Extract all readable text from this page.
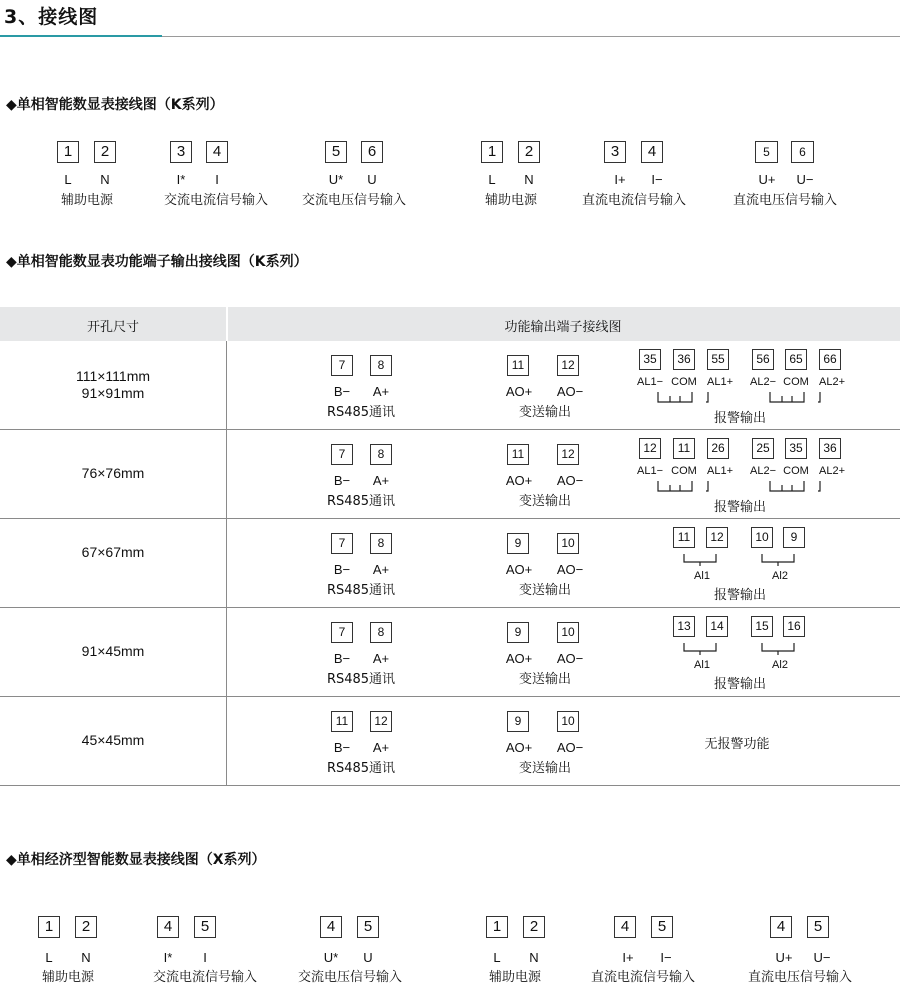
3、接线图
◆单相智能数显表接线图（K系列）
1	2
L N
辅助电源
3	4
I* I
交流电流信号输入
5	6
U* U
交流电压信号输入
1	2
L N
辅助电源
3	4
I+ I−
直流电流信号输入
5	6
U+ U−
直流电压信号输入
◆单相智能数显表功能端子输出接线图（K系列）
开孔尺寸	功能输出端子接线图
111×111mm
91×91mm
7	8
B− A+
RS485通讯
11	12
AO+ AO−
变送输出
35	36	55	56	65	66
AL1− COM AL1+ AL2− COM AL2+
报警输出
76×76mm
7	8
B− A+
RS485通讯
11	12
AO+ AO−
变送输出
12	11	26	25	35	36
AL1− COM AL1+ AL2− COM AL2+
报警输出
67×67mm
7	8
B− A+
RS485通讯
9	10
AO+ AO−
变送输出
11	12	10	9
Al1	Al2
报警输出
91×45mm
7	8
B− A+
RS485通讯
9	10
AO+ AO−
变送输出
13	14	15	16
Al1	Al2
报警输出
45×45mm
11	12
B− A+
RS485通讯
9	10
AO+ AO−
变送输出
无报警功能
◆单相经济型智能数显表接线图（X系列）
1	2
L N
辅助电源
4	5
I* I
交流电流信号输入
4	5
U* U
交流电压信号输入
1	2
L N
辅助电源
4	5
I+ I−
直流电流信号输入
4	5
U+ U−
直流电压信号输入
